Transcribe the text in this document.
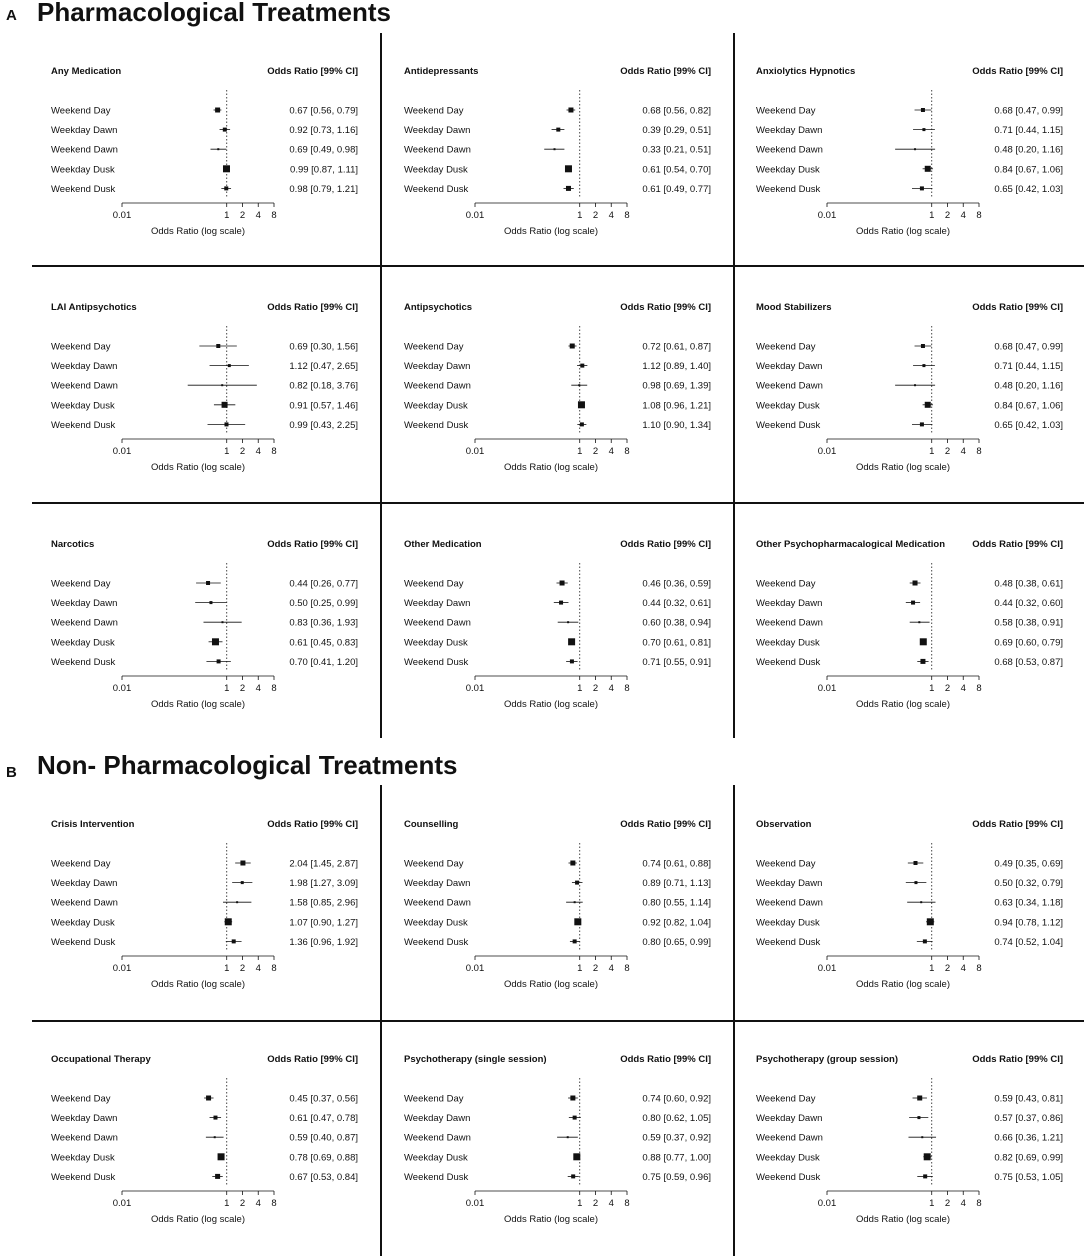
A Pharmacological Treatments
B Non- Pharmacological Treatments
Any Medication	Odds Ratio [99% CI]
Weekend Day	0.67 [0.56, 0.79]
Weekday Dawn	0.92 [0.73, 1.16]
Weekend Dawn	0.69 [0.49, 0.98]
Weekday Dusk	0.99 [0.87, 1.11]
Weekend Dusk	0.98 [0.79, 1.21]
0.01	1 2 4 8
Odds Ratio (log scale)
Antidepressants	Odds Ratio [99% CI]
Weekend Day	0.68 [0.56, 0.82]
Weekday Dawn	0.39 [0.29, 0.51]
Weekend Dawn	0.33 [0.21, 0.51]
Weekday Dusk	0.61 [0.54, 0.70]
Weekend Dusk	0.61 [0.49, 0.77]
0.01	1 2 4 8
Odds Ratio (log scale)
Anxiolytics Hypnotics	Odds Ratio [99% CI]
Weekend Day	0.68 [0.47, 0.99]
Weekday Dawn	0.71 [0.44, 1.15]
Weekend Dawn	0.48 [0.20, 1.16]
Weekday Dusk	0.84 [0.67, 1.06]
Weekend Dusk	0.65 [0.42, 1.03]
0.01	1 2 4 8
Odds Ratio (log scale)
LAI Antipsychotics	Odds Ratio [99% CI]
Weekend Day	0.69 [0.30, 1.56]
Weekday Dawn	1.12 [0.47, 2.65]
Weekend Dawn	0.82 [0.18, 3.76]
Weekday Dusk	0.91 [0.57, 1.46]
Weekend Dusk	0.99 [0.43, 2.25]
0.01	1 2 4 8
Odds Ratio (log scale)
Antipsychotics	Odds Ratio [99% CI]
Weekend Day	0.72 [0.61, 0.87]
Weekday Dawn	1.12 [0.89, 1.40]
Weekend Dawn	0.98 [0.69, 1.39]
Weekday Dusk	1.08 [0.96, 1.21]
Weekend Dusk	1.10 [0.90, 1.34]
0.01	1 2 4 8
Odds Ratio (log scale)
Mood Stabilizers	Odds Ratio [99% CI]
Weekend Day	0.68 [0.47, 0.99]
Weekday Dawn	0.71 [0.44, 1.15]
Weekend Dawn	0.48 [0.20, 1.16]
Weekday Dusk	0.84 [0.67, 1.06]
Weekend Dusk	0.65 [0.42, 1.03]
0.01	1 2 4 8
Odds Ratio (log scale)
Narcotics	Odds Ratio [99% CI]
Weekend Day	0.44 [0.26, 0.77]
Weekday Dawn	0.50 [0.25, 0.99]
Weekend Dawn	0.83 [0.36, 1.93]
Weekday Dusk	0.61 [0.45, 0.83]
Weekend Dusk	0.70 [0.41, 1.20]
0.01	1 2 4 8
Odds Ratio (log scale)
Other Medication	Odds Ratio [99% CI]
Weekend Day	0.46 [0.36, 0.59]
Weekday Dawn	0.44 [0.32, 0.61]
Weekend Dawn	0.60 [0.38, 0.94]
Weekday Dusk	0.70 [0.61, 0.81]
Weekend Dusk	0.71 [0.55, 0.91]
0.01	1 2 4 8
Odds Ratio (log scale)
Other Psychopharmacalogical Medication	Odds Ratio [99% CI]
Weekend Day	0.48 [0.38, 0.61]
Weekday Dawn	0.44 [0.32, 0.60]
Weekend Dawn	0.58 [0.38, 0.91]
Weekday Dusk	0.69 [0.60, 0.79]
Weekend Dusk	0.68 [0.53, 0.87]
0.01	1 2 4 8
Odds Ratio (log scale)
Crisis Intervention	Odds Ratio [99% CI]
Weekend Day	2.04 [1.45, 2.87]
Weekday Dawn	1.98 [1.27, 3.09]
Weekend Dawn	1.58 [0.85, 2.96]
Weekday Dusk	1.07 [0.90, 1.27]
Weekend Dusk	1.36 [0.96, 1.92]
0.01	1 2 4 8
Odds Ratio (log scale)
Counselling	Odds Ratio [99% CI]
Weekend Day	0.74 [0.61, 0.88]
Weekday Dawn	0.89 [0.71, 1.13]
Weekend Dawn	0.80 [0.55, 1.14]
Weekday Dusk	0.92 [0.82, 1.04]
Weekend Dusk	0.80 [0.65, 0.99]
0.01	1 2 4 8
Odds Ratio (log scale)
Observation	Odds Ratio [99% CI]
Weekend Day	0.49 [0.35, 0.69]
Weekday Dawn	0.50 [0.32, 0.79]
Weekend Dawn	0.63 [0.34, 1.18]
Weekday Dusk	0.94 [0.78, 1.12]
Weekend Dusk	0.74 [0.52, 1.04]
0.01	1 2 4 8
Odds Ratio (log scale)
Occupational Therapy	Odds Ratio [99% CI]
Weekend Day	0.45 [0.37, 0.56]
Weekday Dawn	0.61 [0.47, 0.78]
Weekend Dawn	0.59 [0.40, 0.87]
Weekday Dusk	0.78 [0.69, 0.88]
Weekend Dusk	0.67 [0.53, 0.84]
0.01	1 2 4 8
Odds Ratio (log scale)
Psychotherapy (single session)	Odds Ratio [99% CI]
Weekend Day	0.74 [0.60, 0.92]
Weekday Dawn	0.80 [0.62, 1.05]
Weekend Dawn	0.59 [0.37, 0.92]
Weekday Dusk	0.88 [0.77, 1.00]
Weekend Dusk	0.75 [0.59, 0.96]
0.01	1 2 4 8
Odds Ratio (log scale)
Psychotherapy (group session)	Odds Ratio [99% CI]
Weekend Day	0.59 [0.43, 0.81]
Weekday Dawn	0.57 [0.37, 0.86]
Weekend Dawn	0.66 [0.36, 1.21]
Weekday Dusk	0.82 [0.69, 0.99]
Weekend Dusk	0.75 [0.53, 1.05]
0.01	1 2 4 8
Odds Ratio (log scale)
